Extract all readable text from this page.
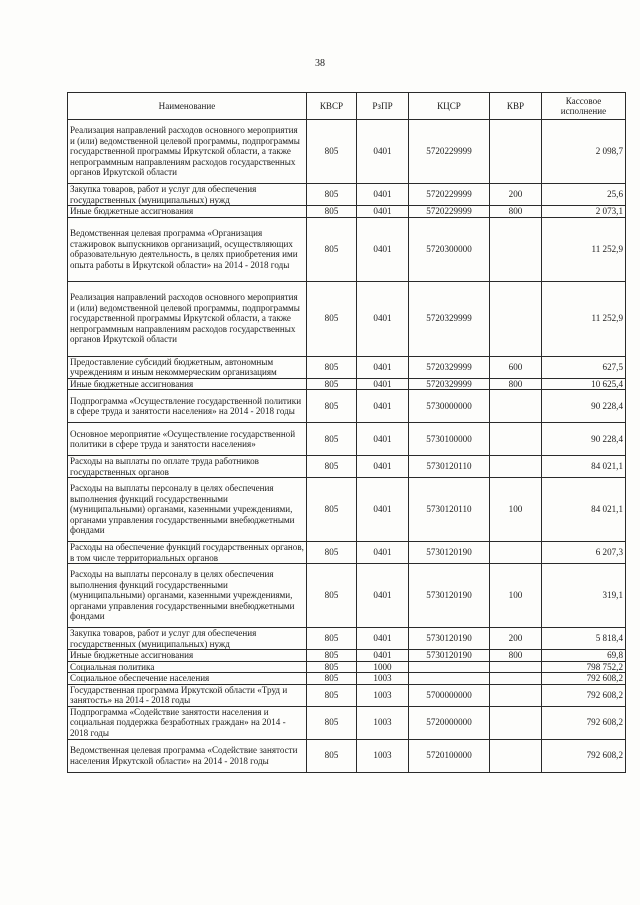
38
Наименование	КВСР	РзПР	КЦСР	КВР	Кассовое исполнение
Реализация направлений расходов основного мероприятия и (или) ведомственной целевой программы, подпрограммы государственной программы Иркутской области, а также непрограммным направлениям расходов государственных органов Иркутской области	805	0401	5720229999		2 098,7
Закупка товаров, работ и услуг для обеспечения государственных (муниципальных) нужд	805	0401	5720229999	200	25,6
Иные бюджетные ассигнования	805	0401	5720229999	800	2 073,1
Ведомственная целевая программа «Организация стажировок выпускников организаций, осуществляющих образовательную деятельность, в целях приобретения ими опыта работы в Иркутской области» на 2014 - 2018 годы	805	0401	5720300000		11 252,9
Реализация направлений расходов основного мероприятия и (или) ведомственной целевой программы, подпрограммы государственной программы Иркутской области, а также непрограммным направлениям расходов государственных органов Иркутской области	805	0401	5720329999		11 252,9
Предоставление субсидий бюджетным, автономным учреждениям и иным некоммерческим организациям	805	0401	5720329999	600	627,5
Иные бюджетные ассигнования	805	0401	5720329999	800	10 625,4
Подпрограмма «Осуществление государственной политики в сфере труда и занятости населения» на 2014 - 2018 годы	805	0401	5730000000		90 228,4
Основное мероприятие «Осуществление государственной политики в сфере труда и занятости населения»	805	0401	5730100000		90 228,4
Расходы на выплаты по оплате труда работников государственных органов	805	0401	5730120110		84 021,1
Расходы на выплаты персоналу в целях обеспечения выполнения функций государственными (муниципальными) органами, казенными учреждениями, органами управления государственными внебюджетными фондами	805	0401	5730120110	100	84 021,1
Расходы на обеспечение функций государственных органов, в том числе территориальных органов	805	0401	5730120190		6 207,3
Расходы на выплаты персоналу в целях обеспечения выполнения функций государственными (муниципальными) органами, казенными учреждениями, органами управления государственными внебюджетными фондами	805	0401	5730120190	100	319,1
Закупка товаров, работ и услуг для обеспечения государственных (муниципальных) нужд	805	0401	5730120190	200	5 818,4
Иные бюджетные ассигнования	805	0401	5730120190	800	69,8
Социальная политика	805	1000			798 752,2
Социальное обеспечение населения	805	1003			792 608,2
Государственная программа Иркутской области «Труд и занятость» на 2014 - 2018 годы	805	1003	5700000000		792 608,2
Подпрограмма «Содействие занятости населения и социальная поддержка безработных граждан» на 2014 - 2018 годы	805	1003	5720000000		792 608,2
Ведомственная целевая программа «Содействие занятости населения Иркутской области» на 2014 - 2018 годы	805	1003	5720100000		792 608,2
